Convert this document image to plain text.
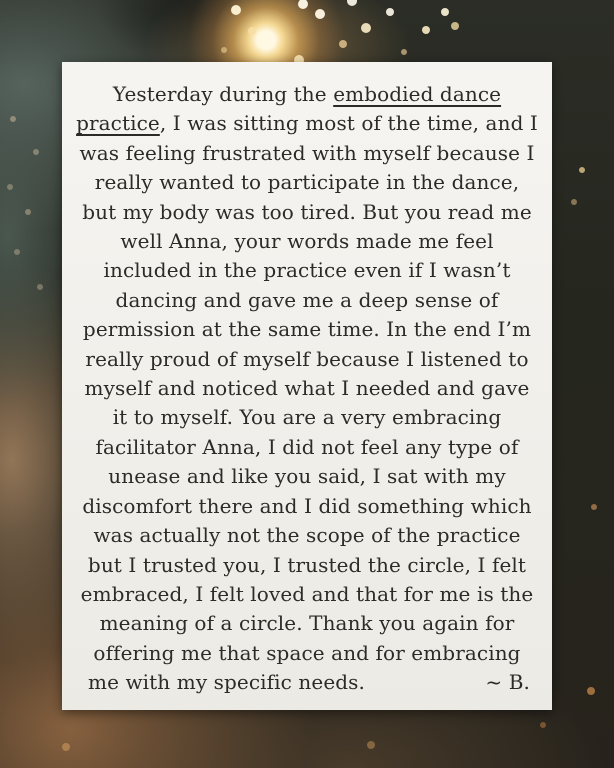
Yesterday during the embodied dance
practice, I was sitting most of the time, and I
was feeling frustrated with myself because I
really wanted to participate in the dance,
but my body was too tired. But you read me
well Anna, your words made me feel
included in the practice even if I wasn’t
dancing and gave me a deep sense of
permission at the same time. In the end I’m
really proud of myself because I listened to
myself and noticed what I needed and gave
it to myself. You are a very embracing
facilitator Anna, I did not feel any type of
unease and like you said, I sat with my
discomfort there and I did something which
was actually not the scope of the practice
but I trusted you, I trusted the circle, I felt
embraced, I felt loved and that for me is the
meaning of a circle. Thank you again for
offering me that space and for embracing
me with my specific needs.	~ B.
